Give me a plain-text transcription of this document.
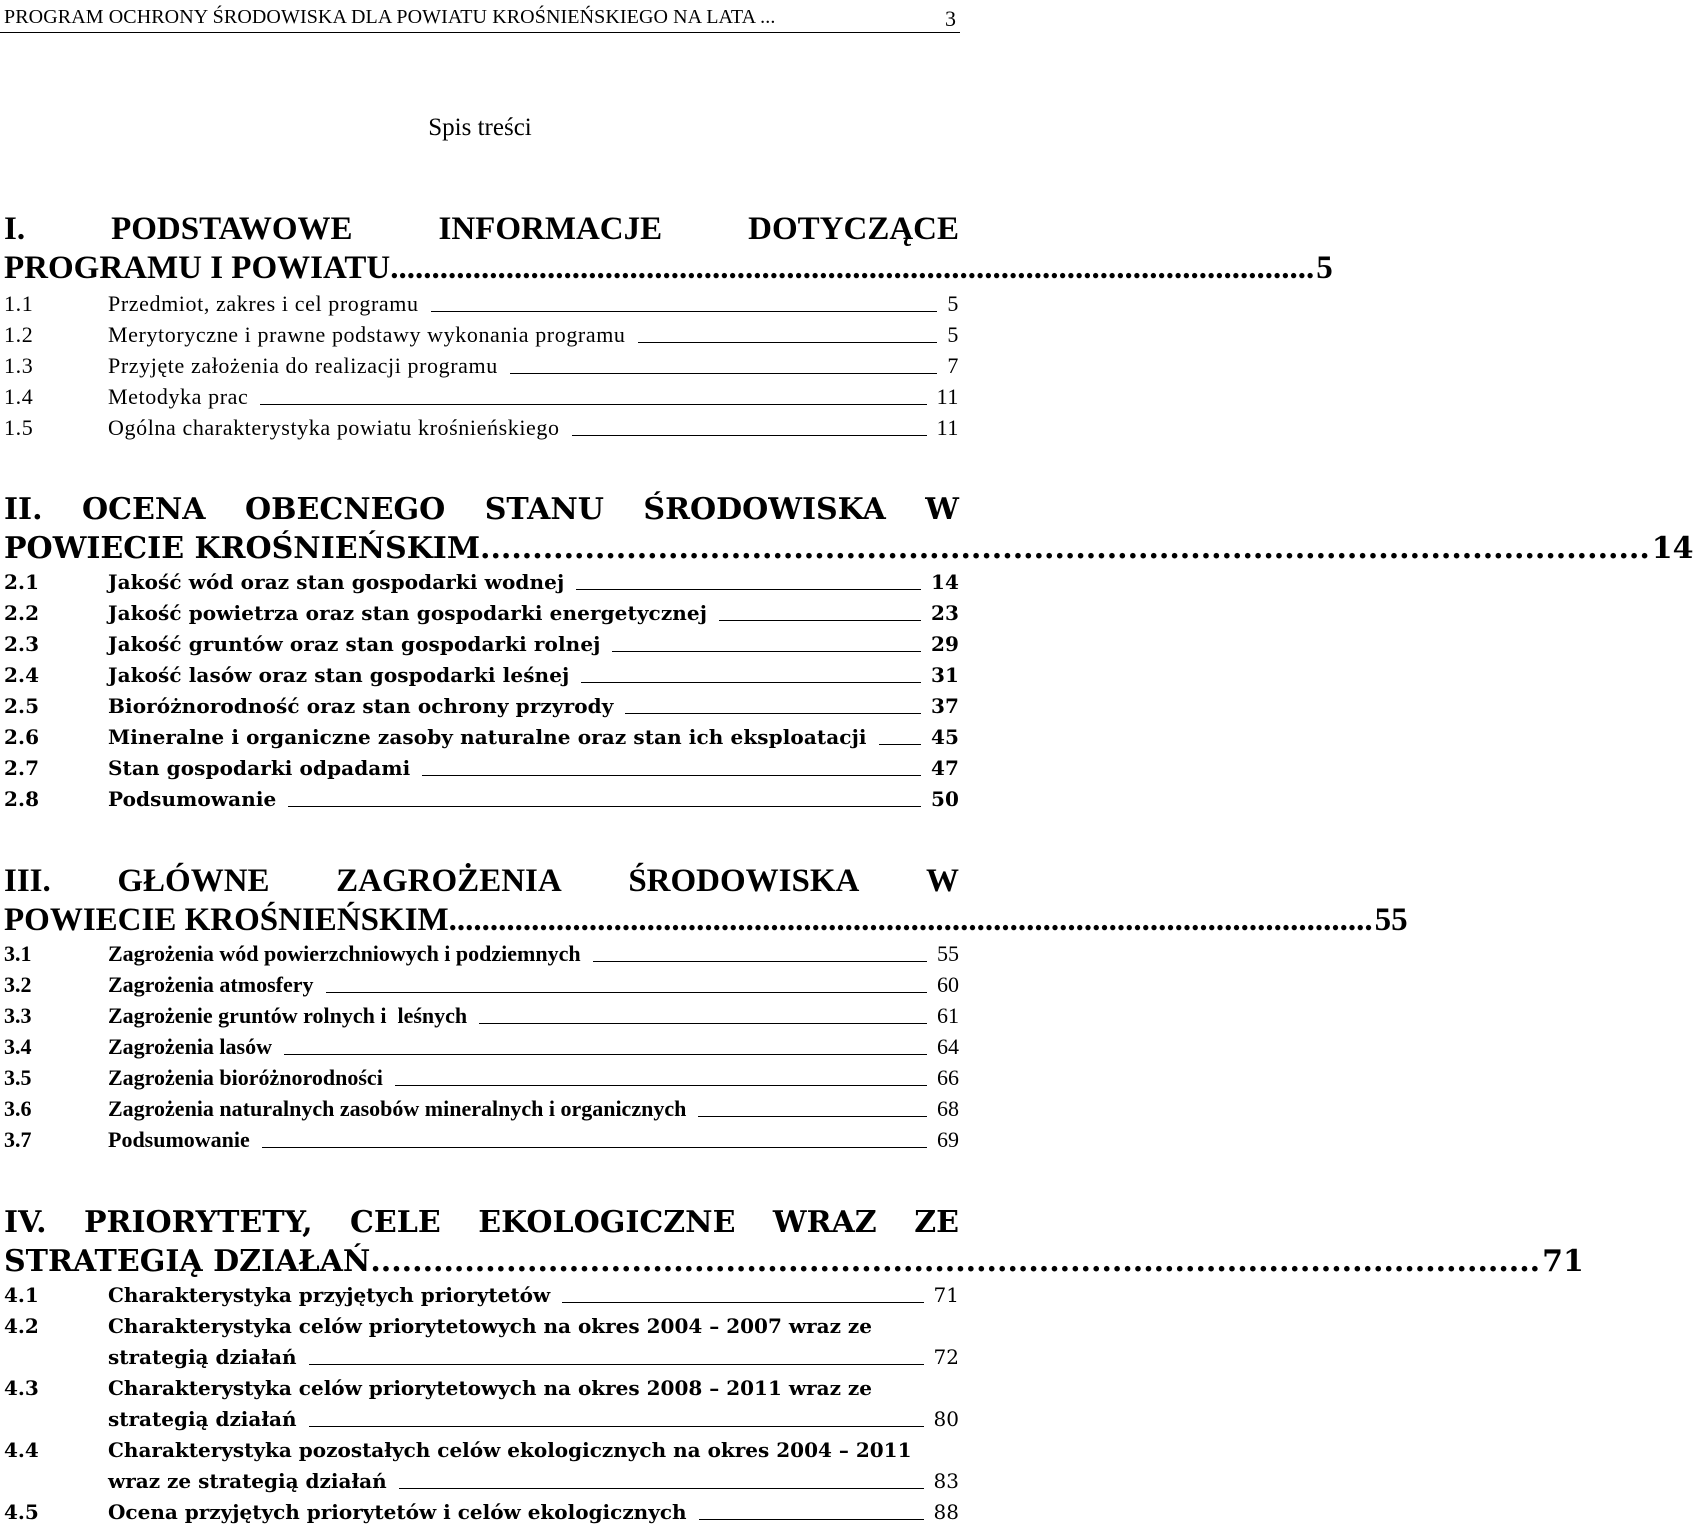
PROGRAM OCHRONY ŚRODOWISKA DLA POWIATU KROŚNIEŃSKIEGO NA LATA ...	3
Spis treści
I.	PODSTAWOWE	INFORMACJE	DOTYCZĄCE
PROGRAMU I POWIATU ................................................................................................................ 5
1.1	Przedmiot, zakres i cel programu	5
1.2	Merytoryczne i prawne podstawy wykonania programu	5
1.3	Przyjęte założenia do realizacji programu	7
1.4	Metodyka prac	11
1.5	Ogólna charakterystyka powiatu krośnieńskiego	11
II. OCENA OBECNEGO STANU ŚRODOWISKA W
POWIECIE KROŚNIEŃSKIM ................................................................................................................ 14
2.1	Jakość wód oraz stan gospodarki wodnej	14
2.2	Jakość powietrza oraz stan gospodarki energetycznej	23
2.3	Jakość gruntów oraz stan gospodarki rolnej	29
2.4	Jakość lasów oraz stan gospodarki leśnej	31
2.5	Bioróżnorodność oraz stan ochrony przyrody	37
2.6	Mineralne i organiczne zasoby naturalne oraz stan ich eksploatacji	45
2.7	Stan gospodarki odpadami	47
2.8	Podsumowanie	50
III. GŁÓWNE ZAGROŻENIA ŚRODOWISKA W
POWIECIE KROŚNIEŃSKIM ................................................................................................................ 55
3.1	Zagrożenia wód powierzchniowych i podziemnych	55
3.2	Zagrożenia atmosfery	60
3.3	Zagrożenie gruntów rolnych i  leśnych	61
3.4	Zagrożenia lasów	64
3.5	Zagrożenia bioróżnorodności	66
3.6	Zagrożenia naturalnych zasobów mineralnych i organicznych	68
3.7	Podsumowanie	69
IV. PRIORYTETY, CELE EKOLOGICZNE WRAZ ZE
STRATEGIĄ DZIAŁAŃ ................................................................................................................ 71
4.1	Charakterystyka przyjętych priorytetów	71
4.2	Charakterystyka celów priorytetowych na okres 2004 – 2007 wraz ze
strategią działań	72
4.3	Charakterystyka celów priorytetowych na okres 2008 – 2011 wraz ze
strategią działań	80
4.4	Charakterystyka pozostałych celów ekologicznych na okres 2004 – 2011
wraz ze strategią działań	83
4.5	Ocena przyjętych priorytetów i celów ekologicznych	88
